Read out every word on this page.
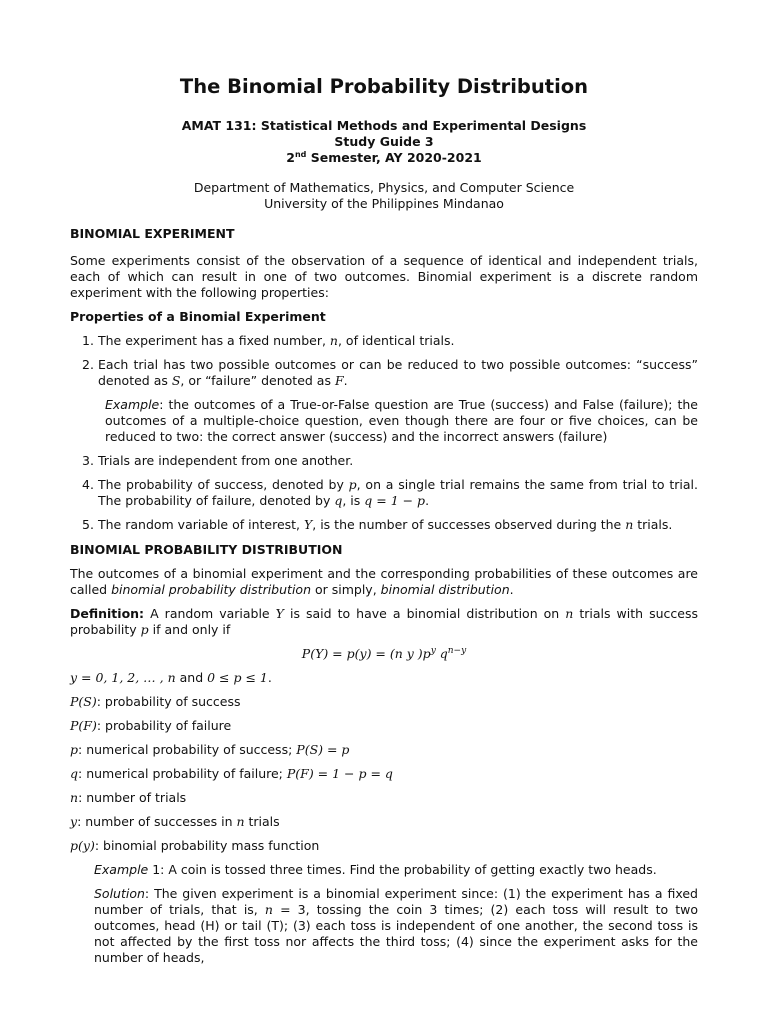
The Binomial Probability Distribution
AMAT 131: Statistical Methods and Experimental Designs
Study Guide 3
2nd Semester, AY 2020-2021
Department of Mathematics, Physics, and Computer Science
University of the Philippines Mindanao
BINOMIAL EXPERIMENT

Some experiments consist of the observation of a sequence of identical and independent trials, each of which can result in one of two outcomes. Binomial experiment is a discrete random experiment with the following properties:

Properties of a Binomial Experiment
1. The experiment has a fixed number, n, of identical trials.
2. Each trial has two possible outcomes or can be reduced to two possible outcomes: “success” denoted as S, or “failure” denoted as F.
Example: the outcomes of a True-or-False question are True (success) and False (failure); the outcomes of a multiple-choice question, even though there are four or five choices, can be reduced to two: the correct answer (success) and the incorrect answers (failure)
3. Trials are independent from one another.
4. The probability of success, denoted by p, on a single trial remains the same from trial to trial. The probability of failure, denoted by q, is q = 1 − p.
5. The random variable of interest, Y, is the number of successes observed during the n trials.
BINOMIAL PROBABILITY DISTRIBUTION

The outcomes of a binomial experiment and the corresponding probabilities of these outcomes are called binomial probability distribution or simply, binomial distribution.

Definition: A random variable Y is said to have a binomial distribution on n trials with success probability p if and only if

P(Y) = p(y) = (n y )$p^y$ $q^{n-y}$
y = 0, 1, 2, … , n and 0 ≤ p ≤ 1.
P(S): probability of success
P(F): probability of failure
p: numerical probability of success; P(S) = p
q: numerical probability of failure; P(F) = 1 − p = q
n: number of trials
y: number of successes in n trials
p(y): binomial probability mass function
Example 1: A coin is tossed three times. Find the probability of getting exactly two heads.

Solution: The given experiment is a binomial experiment since: (1) the experiment has a fixed number of trials, that is, n = 3, tossing the coin 3 times; (2) each toss will result to two outcomes, head (H) or tail (T); (3) each toss is independent of one another, the second toss is not affected by the first toss nor affects the third toss; (4) since the experiment asks for the number of heads,
